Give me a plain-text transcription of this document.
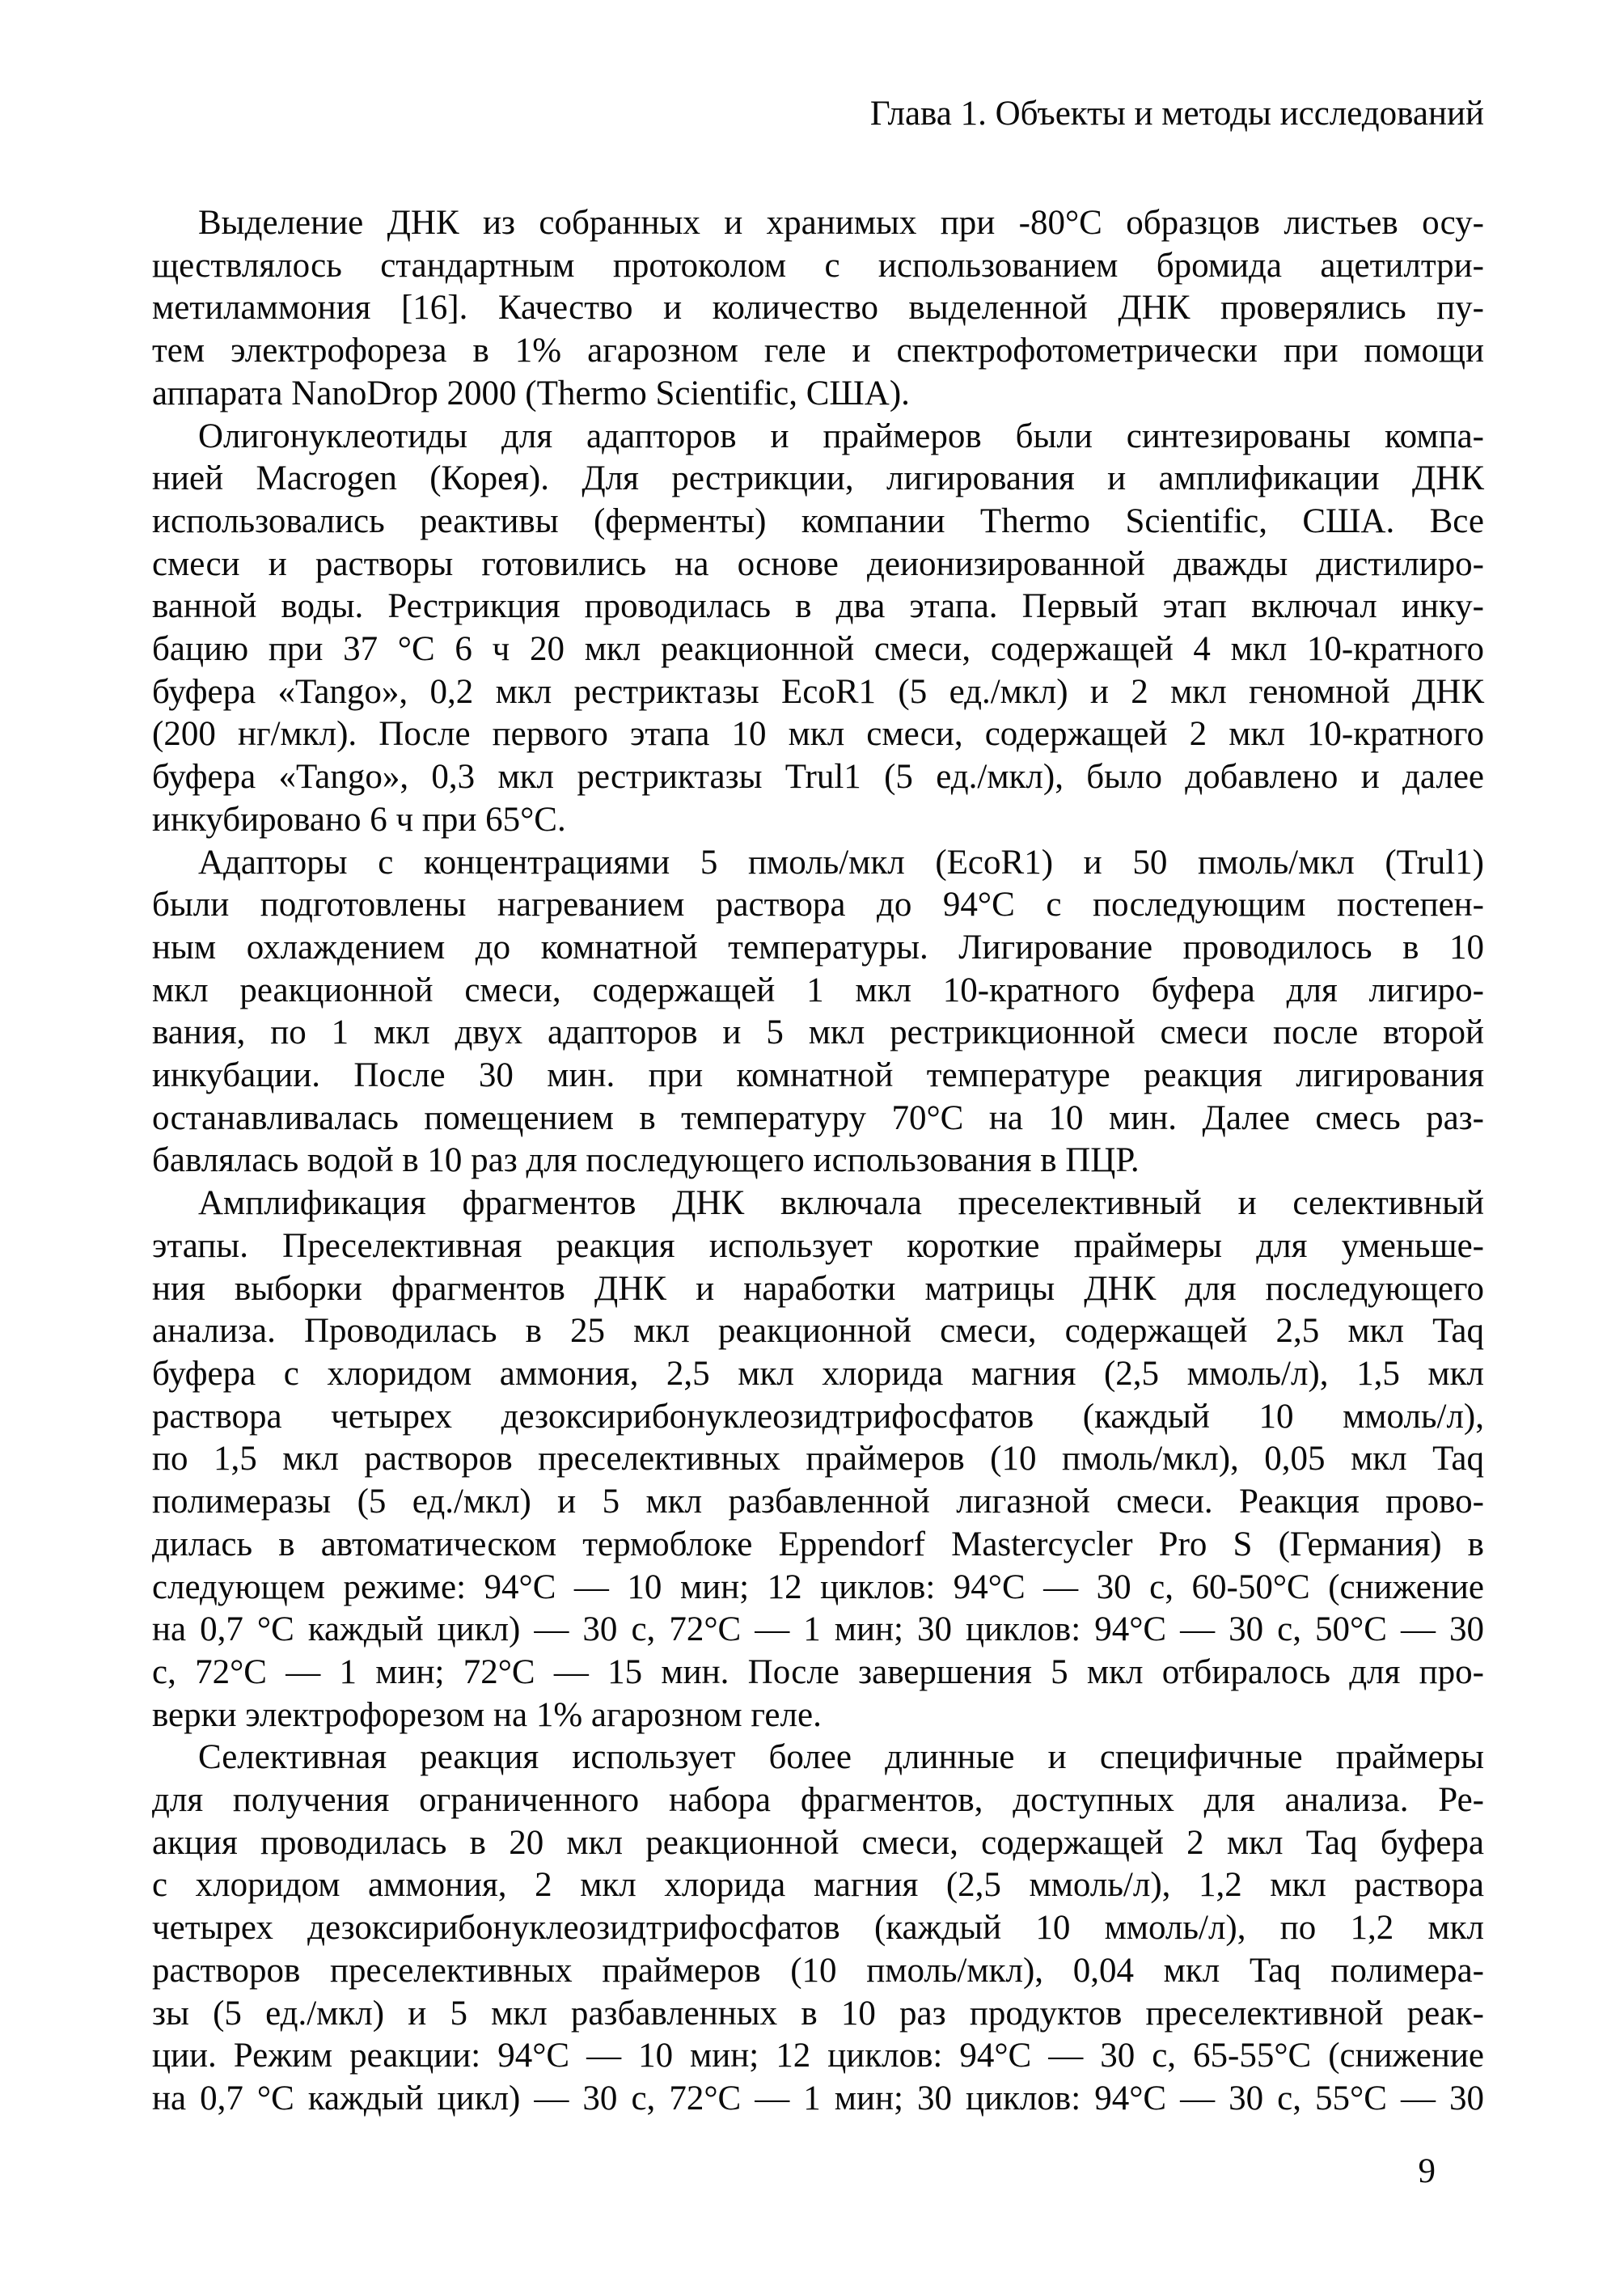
Глава 1. Объекты и методы исследований
Выделение ДНК из собранных и хранимых при -80°С образцов листьев осу-
ществлялось стандартным протоколом с использованием бромида ацетилтри-
метиламмония [16]. Качество и количество выделенной ДНК проверялись пу-
тем электрофореза в 1% агарозном геле и спектрофотометрически при помощи
аппарата NanoDrop 2000 (Thermo Scientific, США).
Олигонуклеотиды для адапторов и праймеров были синтезированы компа-
нией Macrogen (Корея). Для рестрикции, лигирования и амплификации ДНК
использовались реактивы (ферменты) компании Thermo Scientific, США. Все
смеси и растворы готовились на основе деионизированной дважды дистилиро-
ванной воды. Рестрикция проводилась в два этапа. Первый этап включал инку-
бацию при 37 °С 6 ч 20 мкл реакционной смеси, содержащей 4 мкл 10-кратного
буфера «Tango», 0,2 мкл рестриктазы EcoR1 (5 ед./мкл) и 2 мкл геномной ДНК
(200 нг/мкл). После первого этапа 10 мкл смеси, содержащей 2 мкл 10-кратного
буфера «Tango», 0,3 мкл рестриктазы Trul1 (5 ед./мкл), было добавлено и далее
инкубировано 6 ч при 65°С.
Адапторы с концентрациями 5 пмоль/мкл (EcoR1) и 50 пмоль/мкл (Trul1)
были подготовлены нагреванием раствора до 94°С с последующим постепен-
ным охлаждением до комнатной температуры. Лигирование проводилось в 10
мкл реакционной смеси, содержащей 1 мкл 10-кратного буфера для лигиро-
вания, по 1 мкл двух адапторов и 5 мкл рестрикционной смеси после второй
инкубации. После 30 мин. при комнатной температуре реакция лигирования
останавливалась помещением в температуру 70°С на 10 мин. Далее смесь раз-
бавлялась водой в 10 раз для последующего использования в ПЦР.
Амплификация фрагментов ДНК включала преселективный и селективный
этапы. Преселективная реакция использует короткие праймеры для уменьше-
ния выборки фрагментов ДНК и наработки матрицы ДНК для последующего
анализа. Проводилась в 25 мкл реакционной смеси, содержащей 2,5 мкл Taq
буфера с хлоридом аммония, 2,5 мкл хлорида магния (2,5 ммоль/л), 1,5 мкл
раствора четырех дезоксирибонуклеозидтрифосфатов (каждый 10 ммоль/л),
по 1,5 мкл растворов преселективных праймеров (10 пмоль/мкл), 0,05 мкл Taq
полимеразы (5 ед./мкл) и 5 мкл разбавленной лигазной смеси. Реакция прово-
дилась в автоматическом термоблоке Eppendorf Mastercycler Pro S (Германия) в
следующем режиме: 94°С — 10 мин; 12 циклов: 94°С — 30 с, 60-50°С (снижение
на 0,7 °С каждый цикл) — 30 с, 72°С — 1 мин; 30 циклов: 94°С — 30 с, 50°С — 30
с, 72°С — 1 мин; 72°С — 15 мин. После завершения 5 мкл отбиралось для про-
верки электрофорезом на 1% агарозном геле.
Селективная реакция использует более длинные и специфичные праймеры
для получения ограниченного набора фрагментов, доступных для анализа. Ре-
акция проводилась в 20 мкл реакционной смеси, содержащей 2 мкл Taq буфера
с хлоридом аммония, 2 мкл хлорида магния (2,5 ммоль/л), 1,2 мкл раствора
четырех дезоксирибонуклеозидтрифосфатов (каждый 10 ммоль/л), по 1,2 мкл
растворов преселективных праймеров (10 пмоль/мкл), 0,04 мкл Taq полимера-
зы (5 ед./мкл) и 5 мкл разбавленных в 10 раз продуктов преселективной реак-
ции. Режим реакции: 94°С — 10 мин; 12 циклов: 94°С — 30 с, 65-55°С (снижение
на 0,7 °С каждый цикл) — 30 с, 72°С — 1 мин; 30 циклов: 94°С — 30 с, 55°С — 30
9
